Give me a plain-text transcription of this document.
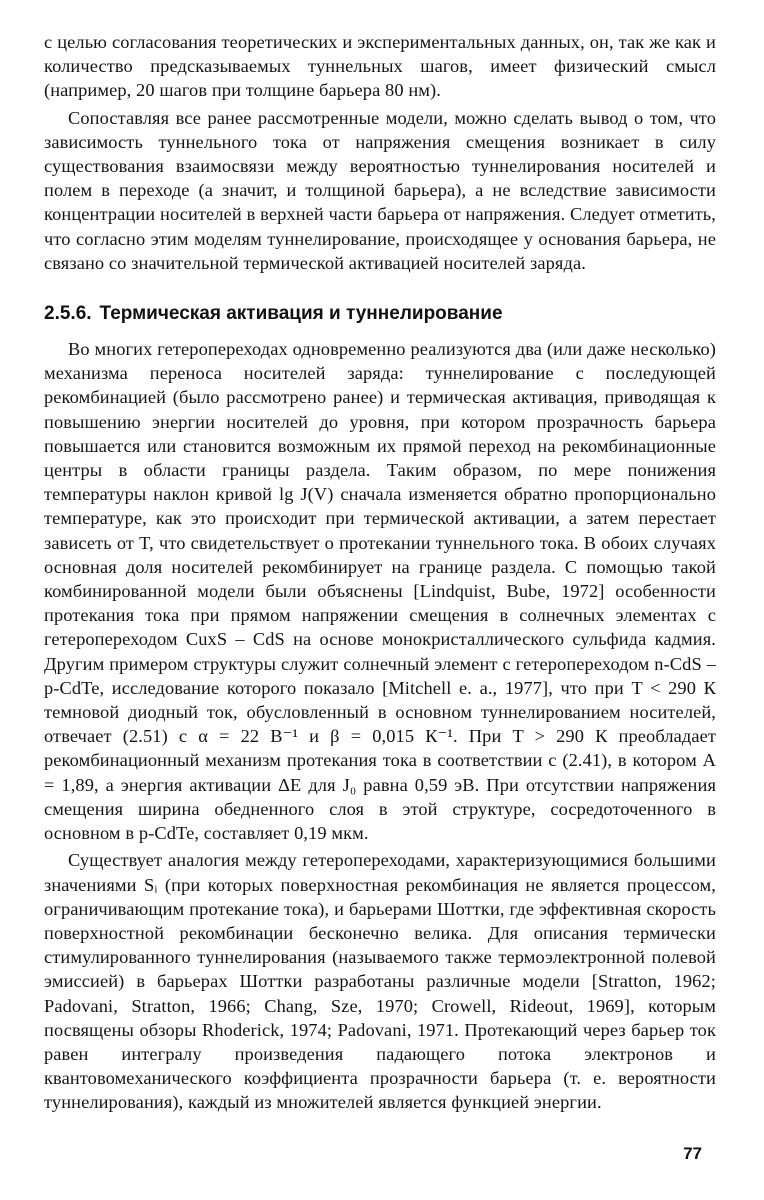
с целью согласования теоретических и экспериментальных данных, он, так же как и количество предсказываемых туннельных шагов, имеет физический смысл (например, 20 шагов при толщине барьера 80 нм).

Сопоставляя все ранее рассмотренные модели, можно сделать вывод о том, что зависимость туннельного тока от напряжения смещения возникает в силу существования взаимосвязи между вероятностью туннелирования носителей и полем в переходе (а значит, и толщиной барьера), а не вследствие зависимости концентрации носителей в верхней части барьера от напряжения. Следует отметить, что согласно этим моделям туннелирование, происходящее у основания барьера, не связано со значительной термической активацией носителей заряда.

2.5.6. Термическая активация и туннелирование

Во многих гетеропереходах одновременно реализуются два (или даже несколько) механизма переноса носителей заряда: туннелирование с последующей рекомбинацией (было рассмотрено ранее) и термическая активация, приводящая к повышению энергии носителей до уровня, при котором прозрачность барьера повышается или становится возможным их прямой переход на рекомбинационные центры в области границы раздела. Таким образом, по мере понижения температуры наклон кривой lg J(V) сначала изменяется обратно пропорционально температуре, как это происходит при термической активации, а затем перестает зависеть от T, что свидетельствует о протекании туннельного тока. В обоих случаях основная доля носителей рекомбинирует на границе раздела. С помощью такой комбинированной модели были объяснены [Lindquist, Bube, 1972] особенности протекания тока при прямом напряжении смещения в солнечных элементах с гетеропереходом CuxS – CdS на основе монокристаллического сульфида кадмия. Другим примером структуры служит солнечный элемент с гетеропереходом n-CdS – p-CdTe, исследование которого показало [Mitchell e. a., 1977], что при T < 290 К темновой диодный ток, обусловленный в основном туннелированием носителей, отвечает (2.51) с α = 22 В⁻¹ и β = 0,015 К⁻¹. При T > 290 К преобладает рекомбинационный механизм протекания тока в соответствии с (2.41), в котором A = 1,89, а энергия активации ΔE для J₀ равна 0,59 эВ. При отсутствии напряжения смещения ширина обедненного слоя в этой структуре, сосредоточенного в основном в p-CdTe, составляет 0,19 мкм.

Существует аналогия между гетеропереходами, характеризующимися большими значениями Sᵢ (при которых поверхностная рекомбинация не является процессом, ограничивающим протекание тока), и барьерами Шоттки, где эффективная скорость поверхностной рекомбинации бесконечно велика. Для описания термически стимулированного туннелирования (называемого также термоэлектронной полевой эмиссией) в барьерах Шоттки разработаны различные модели [Stratton, 1962; Padovani, Stratton, 1966; Chang, Sze, 1970; Crowell, Rideout, 1969], которым посвящены обзоры Rhoderick, 1974; Padovani, 1971. Протекающий через барьер ток равен интегралу произведения падающего потока электронов и квантовомеханического коэффициента прозрачности барьера (т. е. вероятности туннелирования), каждый из множителей является функцией энергии.

77
